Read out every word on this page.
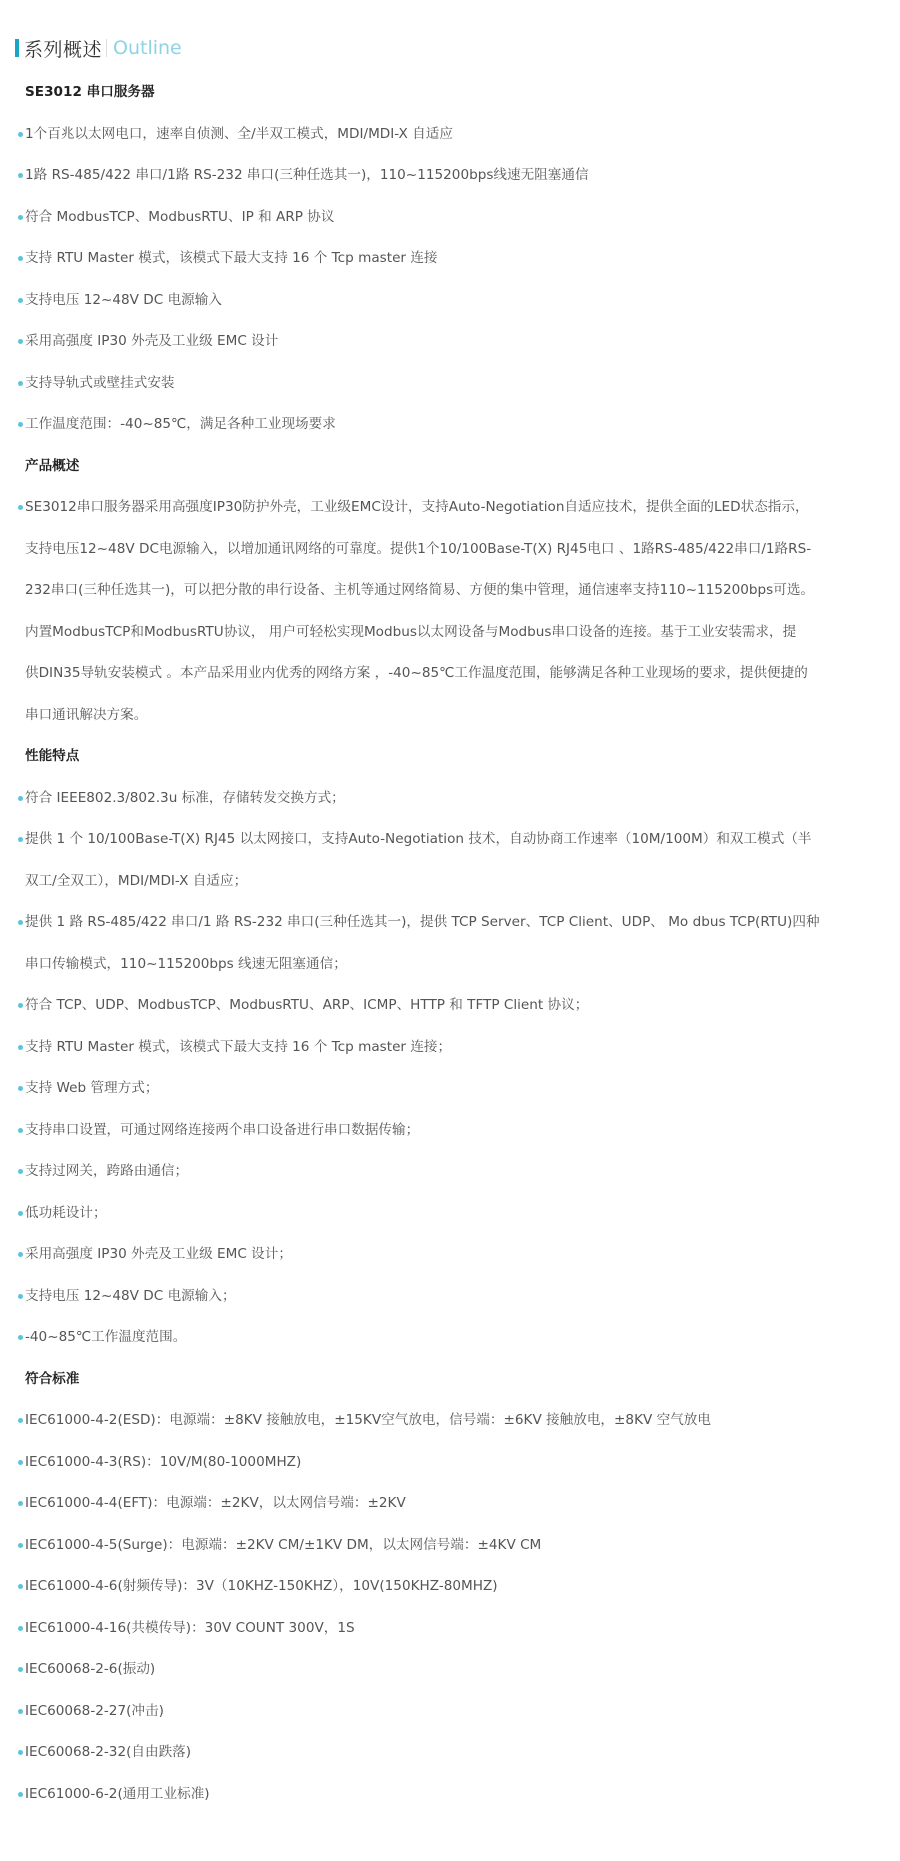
系列概述 Outline
SE3012 串口服务器
1个百兆以太网电口，速率自侦测、全/半双工模式，MDI/MDI-X 自适应
1路 RS-485/422 串口/1路 RS-232 串口(三种任选其一)，110~115200bps线速无阻塞通信
符合 ModbusTCP、ModbusRTU、IP 和 ARP 协议
支持 RTU Master 模式，该模式下最大支持 16 个 Tcp master 连接
支持电压 12~48V DC 电源输入
采用高强度 IP30 外壳及工业级 EMC 设计
支持导轨式或壁挂式安装
工作温度范围：-40~85℃，满足各种工业现场要求
产品概述
SE3012串口服务器采用高强度IP30防护外壳，工业级EMC设计，支持Auto-Negotiation自适应技术，提供全面的LED状态指示，
支持电压12~48V DC电源输入，以增加通讯网络的可靠度。提供1个10/100Base-T(X) RJ45电口 、1路RS-485/422串口/1路RS-
232串口(三种任选其一)，可以把分散的串行设备、主机等通过网络简易、方便的集中管理，通信速率支持110~115200bps可选。
内置ModbusTCP和ModbusRTU协议， 用户可轻松实现Modbus以太网设备与Modbus串口设备的连接。基于工业安装需求，提
供DIN35导轨安装模式 。本产品采用业内优秀的网络方案 ，-40~85℃工作温度范围，能够满足各种工业现场的要求，提供便捷的
串口通讯解决方案。
性能特点
符合 IEEE802.3/802.3u 标准，存储转发交换方式；
提供 1 个 10/100Base-T(X) RJ45 以太网接口，支持Auto-Negotiation 技术，自动协商工作速率（10M/100M）和双工模式（半
双工/全双工），MDI/MDI-X 自适应；
提供 1 路 RS-485/422 串口/1 路 RS-232 串口(三种任选其一)，提供 TCP Server、TCP Client、UDP、 Mo dbus TCP(RTU)四种
串口传输模式，110~115200bps 线速无阻塞通信；
符合 TCP、UDP、ModbusTCP、ModbusRTU、ARP、ICMP、HTTP 和 TFTP Client 协议；
支持 RTU Master 模式，该模式下最大支持 16 个 Tcp master 连接；
支持 Web 管理方式；
支持串口设置，可通过网络连接两个串口设备进行串口数据传输；
支持过网关，跨路由通信；
低功耗设计；
采用高强度 IP30 外壳及工业级 EMC 设计；
支持电压 12~48V DC 电源输入；
-40~85℃工作温度范围。
符合标准
IEC61000-4-2(ESD)：电源端：±8KV 接触放电，±15KV空气放电，信号端：±6KV 接触放电，±8KV 空气放电
IEC61000-4-3(RS)：10V/M(80-1000MHZ)
IEC61000-4-4(EFT)：电源端：±2KV，以太网信号端：±2KV
IEC61000-4-5(Surge)：电源端：±2KV CM/±1KV DM，以太网信号端：±4KV CM
IEC61000-4-6(射频传导)：3V（10KHZ-150KHZ），10V(150KHZ-80MHZ)
IEC61000-4-16(共模传导)：30V COUNT 300V，1S
IEC60068-2-6(振动)
IEC60068-2-27(冲击)
IEC60068-2-32(自由跌落)
IEC61000-6-2(通用工业标准)
